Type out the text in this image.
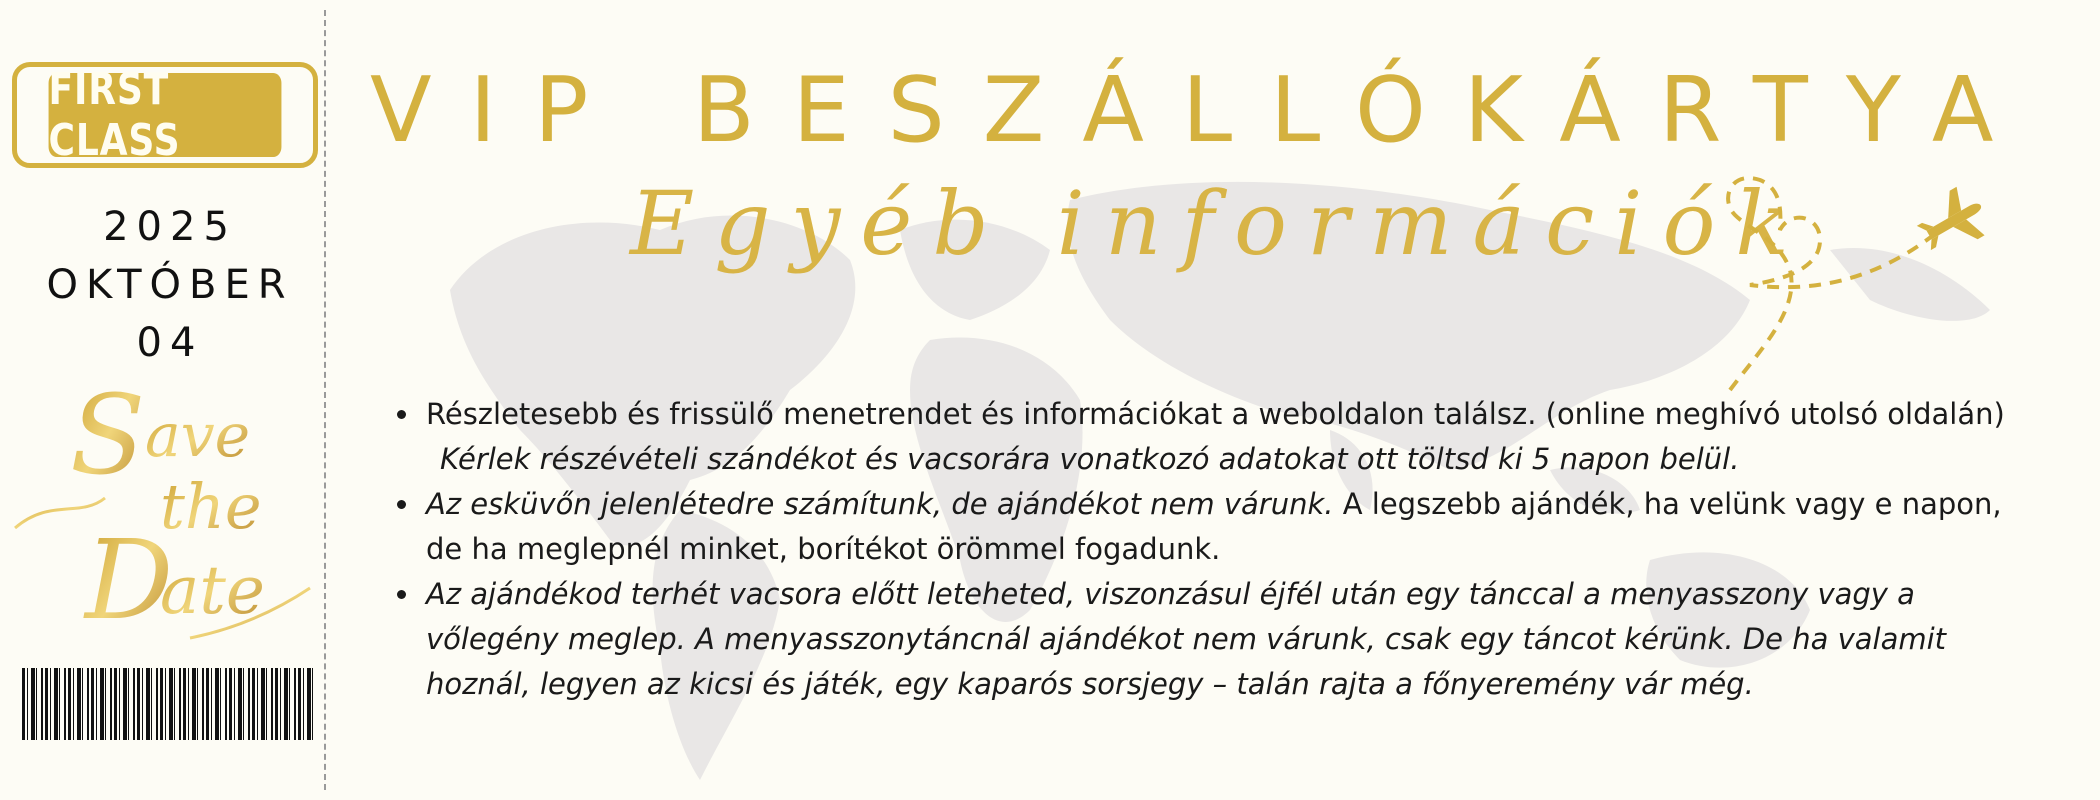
FIRST CLASS
2025
OKTÓBER
04
S ave
the
D
ate
VIP BESZÁLLÓKÁRTYA
Egyéb információk
• Részletesebb és frissülő menetrendet és információkat a weboldalon találsz. (online meghívó utolsó oldalán)
Kérlek részévételi szándékot és vacsorára vonatkozó adatokat ott töltsd ki 5 napon belül.
• Az esküvőn jelenlétedre számítunk, de ajándékot nem várunk. A legszebb ajándék, ha velünk vagy e napon, de ha meglepnél minket, borítékot örömmel fogadunk.
• Az ajándékod terhét vacsora előtt leteheted, viszonzásul éjfél után egy tánccal a menyasszony vagy a vőlegény meglep. A menyasszonytáncnál ajándékot nem várunk, csak egy táncot kérünk. De ha valamit hoznál, legyen az kicsi és játék, egy kaparós sorsjegy – talán rajta a főnyeremény vár még.
